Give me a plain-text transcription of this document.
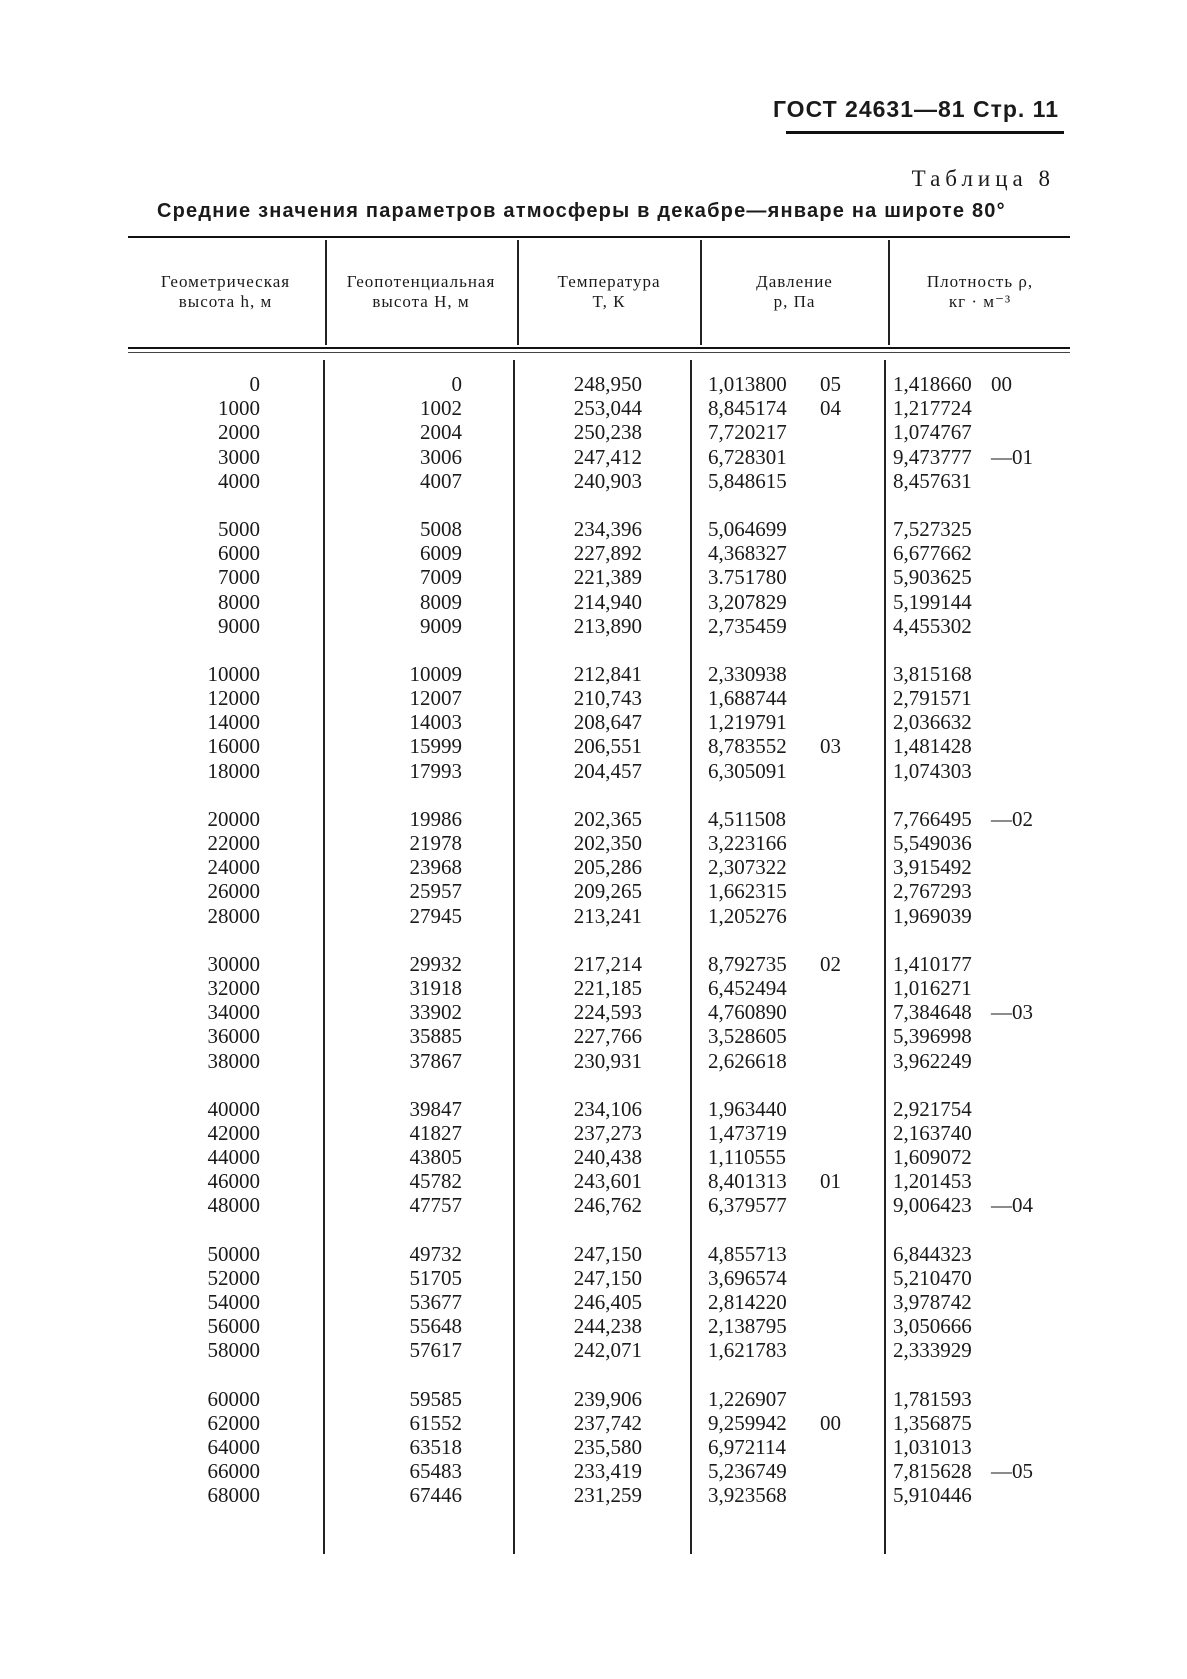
ГОСТ 24631—81 Стр. 11
Таблица 8
Средние значения параметров атмосферы в декабре—январе на широте 80°
Геометрическая
высота h, м
Геопотенциальная
высота H, м
Температура
T, К
Давление
p, Па
Плотность ρ,
кг · м⁻³
0
1000
2000
3000
4000
5000
6000
7000
8000
9000
10000
12000
14000
16000
18000
20000
22000
24000
26000
28000
30000
32000
34000
36000
38000
40000
42000
44000
46000
48000
50000
52000
54000
56000
58000
60000
62000
64000
66000
68000
0
1002
2004
3006
4007
5008
6009
7009
8009
9009
10009
12007
14003
15999
17993
19986
21978
23968
25957
27945
29932
31918
33902
35885
37867
39847
41827
43805
45782
47757
49732
51705
53677
55648
57617
59585
61552
63518
65483
67446
248,950
253,044
250,238
247,412
240,903
234,396
227,892
221,389
214,940
213,890
212,841
210,743
208,647
206,551
204,457
202,365
202,350
205,286
209,265
213,241
217,214
221,185
224,593
227,766
230,931
234,106
237,273
240,438
243,601
246,762
247,150
247,150
246,405
244,238
242,071
239,906
237,742
235,580
233,419
231,259
1,013800 05
8,845174 04
7,720217
6,728301
5,848615
5,064699
4,368327
3.751780
3,207829
2,735459
2,330938
1,688744
1,219791
8,783552 03
6,305091
4,511508
3,223166
2,307322
1,662315
1,205276
8,792735 02
6,452494
4,760890
3,528605
2,626618
1,963440
1,473719
1,110555
8,401313 01
6,379577
4,855713
3,696574
2,814220
2,138795
1,621783
1,226907
9,259942 00
6,972114
5,236749
3,923568
1,418660 00
1,217724
1,074767
9,473777 —01
8,457631
7,527325
6,677662
5,903625
5,199144
4,455302
3,815168
2,791571
2,036632
1,481428
1,074303
7,766495 —02
5,549036
3,915492
2,767293
1,969039
1,410177
1,016271
7,384648 —03
5,396998
3,962249
2,921754
2,163740
1,609072
1,201453
9,006423 —04
6,844323
5,210470
3,978742
3,050666
2,333929
1,781593
1,356875
1,031013
7,815628 —05
5,910446
